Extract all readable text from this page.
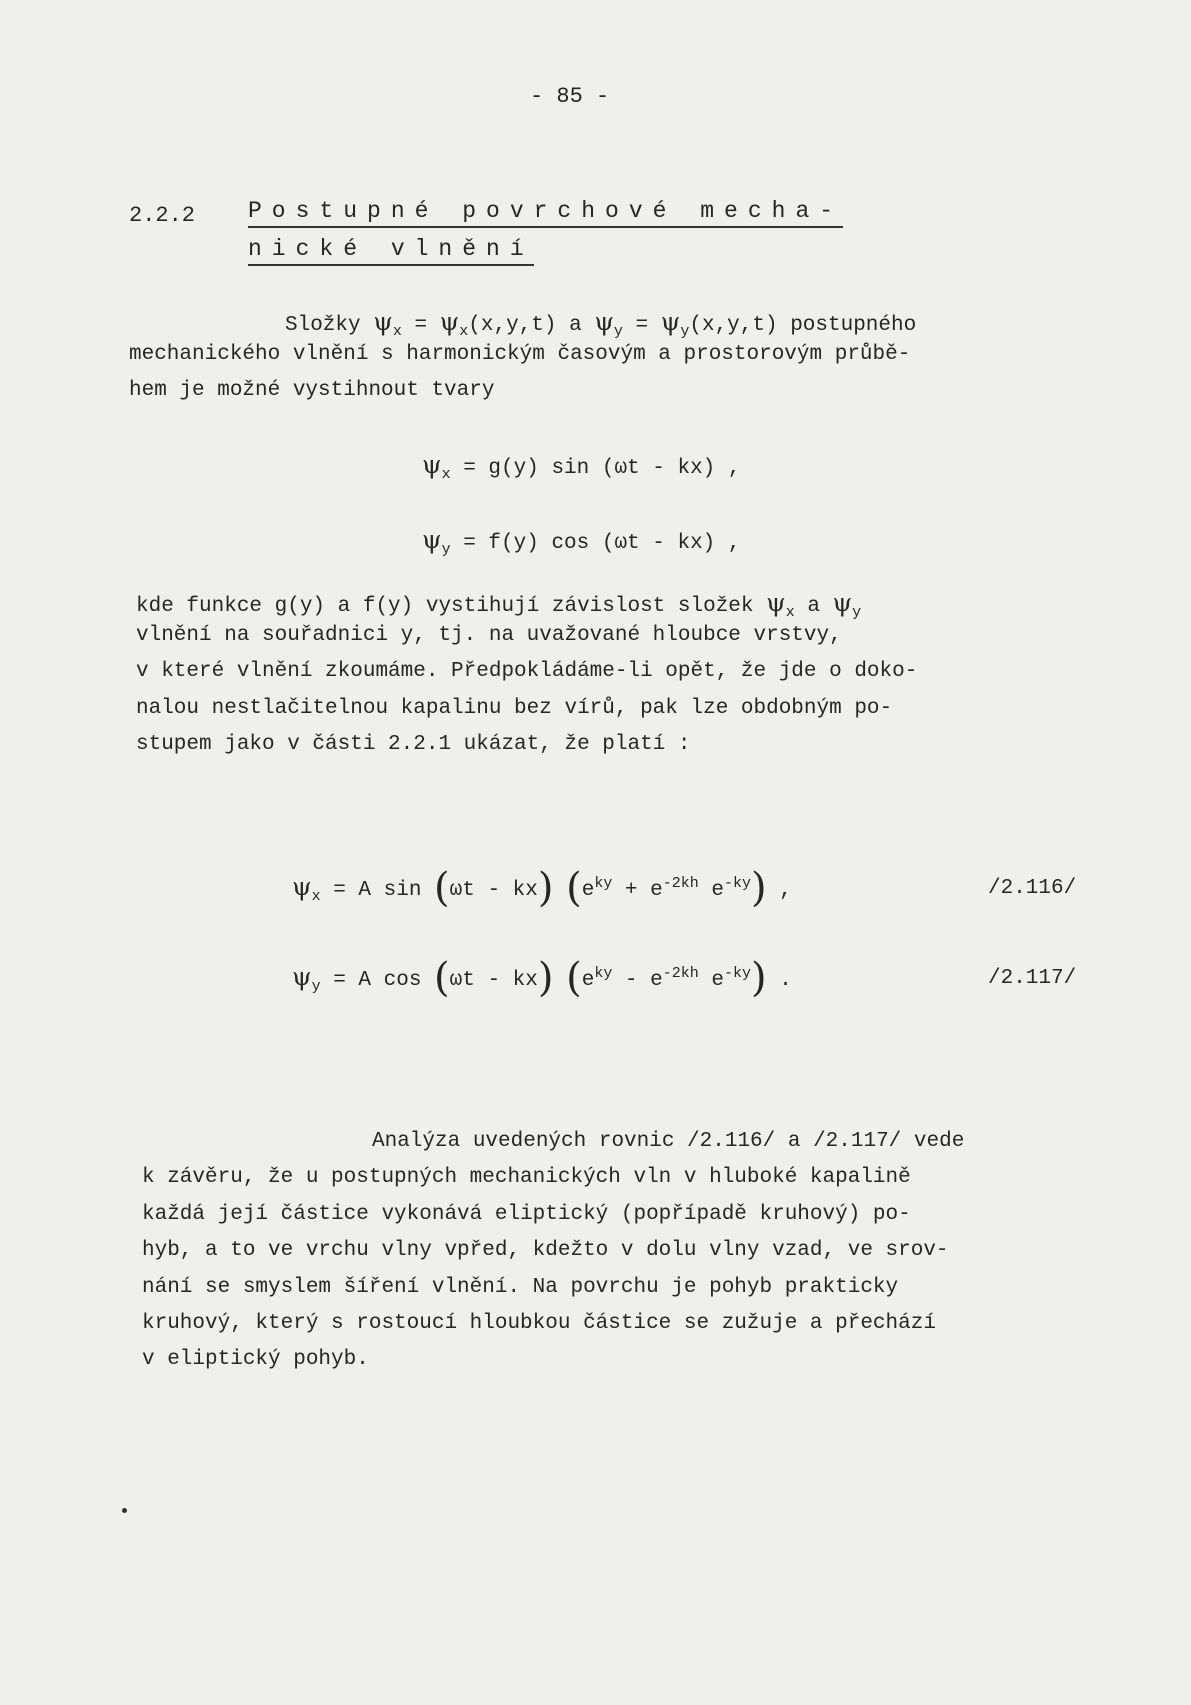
- 85 -
2.2.2 Postupné povrchové mecha-
nické vlnění
Složky $\psi_x = \psi_x(x,y,t)$ a $\psi_y = \psi_y(x,y,t)$ postupného
mechanického vlnění s harmonickým časovým a prostorovým průbě-
hem je možné vystihnout tvary
$\psi_x = g(y)$ sin (ωt - kx) ,
$\psi_y = f(y)$ cos (ωt - kx) ,
kde funkce g(y) a f(y) vystihují závislost složek $\psi_x$ a $\psi_y$
vlnění na souřadnici y, tj. na uvažované hloubce vrstvy,
v které vlnění zkoumáme. Předpokládáme-li opět, že jde o doko-
nalou nestlačitelnou kapalinu bez vírů, pak lze obdobným po-
stupem jako v části 2.2.1 ukázat, že platí :
$\psi_x = A$ sin (ωt - kx) ($e^{ky} + e^{-2kh}$ $e^{-ky}$) ,	/2.116/
$\psi_y = A$ cos (ωt - kx) ($e^{ky} - e^{-2kh}$ $e^{-ky}$) .	/2.117/
Analýza uvedených rovnic /2.116/ a /2.117/ vede
k závěru, že u postupných mechanických vln v hluboké kapalině
každá její částice vykonává eliptický (popřípadě kruhový) po-
hyb, a to ve vrchu vlny vpřed, kdežto v dolu vlny vzad, ve srov-
nání se smyslem šíření vlnění. Na povrchu je pohyb prakticky
kruhový, který s rostoucí hloubkou částice se zužuje a přechází
v eliptický pohyb.
